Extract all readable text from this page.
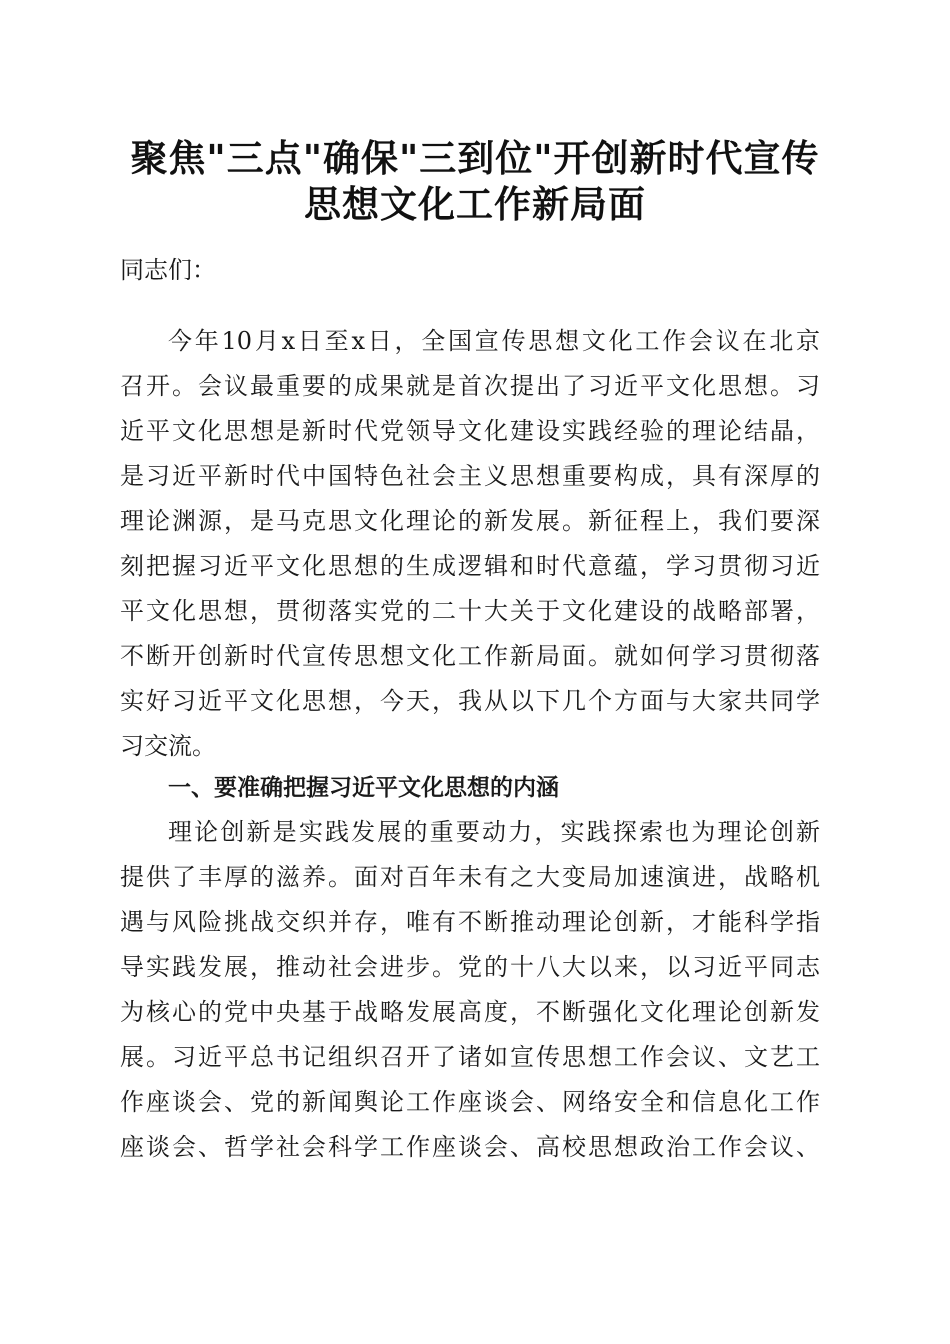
聚焦"三点"确保"三到位"开创新时代宣传
思想文化工作新局面
同志们：
今年10月x日至x日，全国宣传思想文化工作会议在北京
召开。会议最重要的成果就是首次提出了习近平文化思想。习
近平文化思想是新时代党领导文化建设实践经验的理论结晶，
是习近平新时代中国特色社会主义思想重要构成，具有深厚的
理论渊源，是马克思文化理论的新发展。新征程上，我们要深
刻把握习近平文化思想的生成逻辑和时代意蕴，学习贯彻习近
平文化思想，贯彻落实党的二十大关于文化建设的战略部署，
不断开创新时代宣传思想文化工作新局面。就如何学习贯彻落
实好习近平文化思想，今天，我从以下几个方面与大家共同学
习交流。
一、要准确把握习近平文化思想的内涵
理论创新是实践发展的重要动力，实践探索也为理论创新
提供了丰厚的滋养。面对百年未有之大变局加速演进，战略机
遇与风险挑战交织并存，唯有不断推动理论创新，才能科学指
导实践发展，推动社会进步。党的十八大以来，以习近平同志
为核心的党中央基于战略发展高度，不断强化文化理论创新发
展。习近平总书记组织召开了诸如宣传思想工作会议、文艺工
作座谈会、党的新闻舆论工作座谈会、网络安全和信息化工作
座谈会、哲学社会科学工作座谈会、高校思想政治工作会议、
